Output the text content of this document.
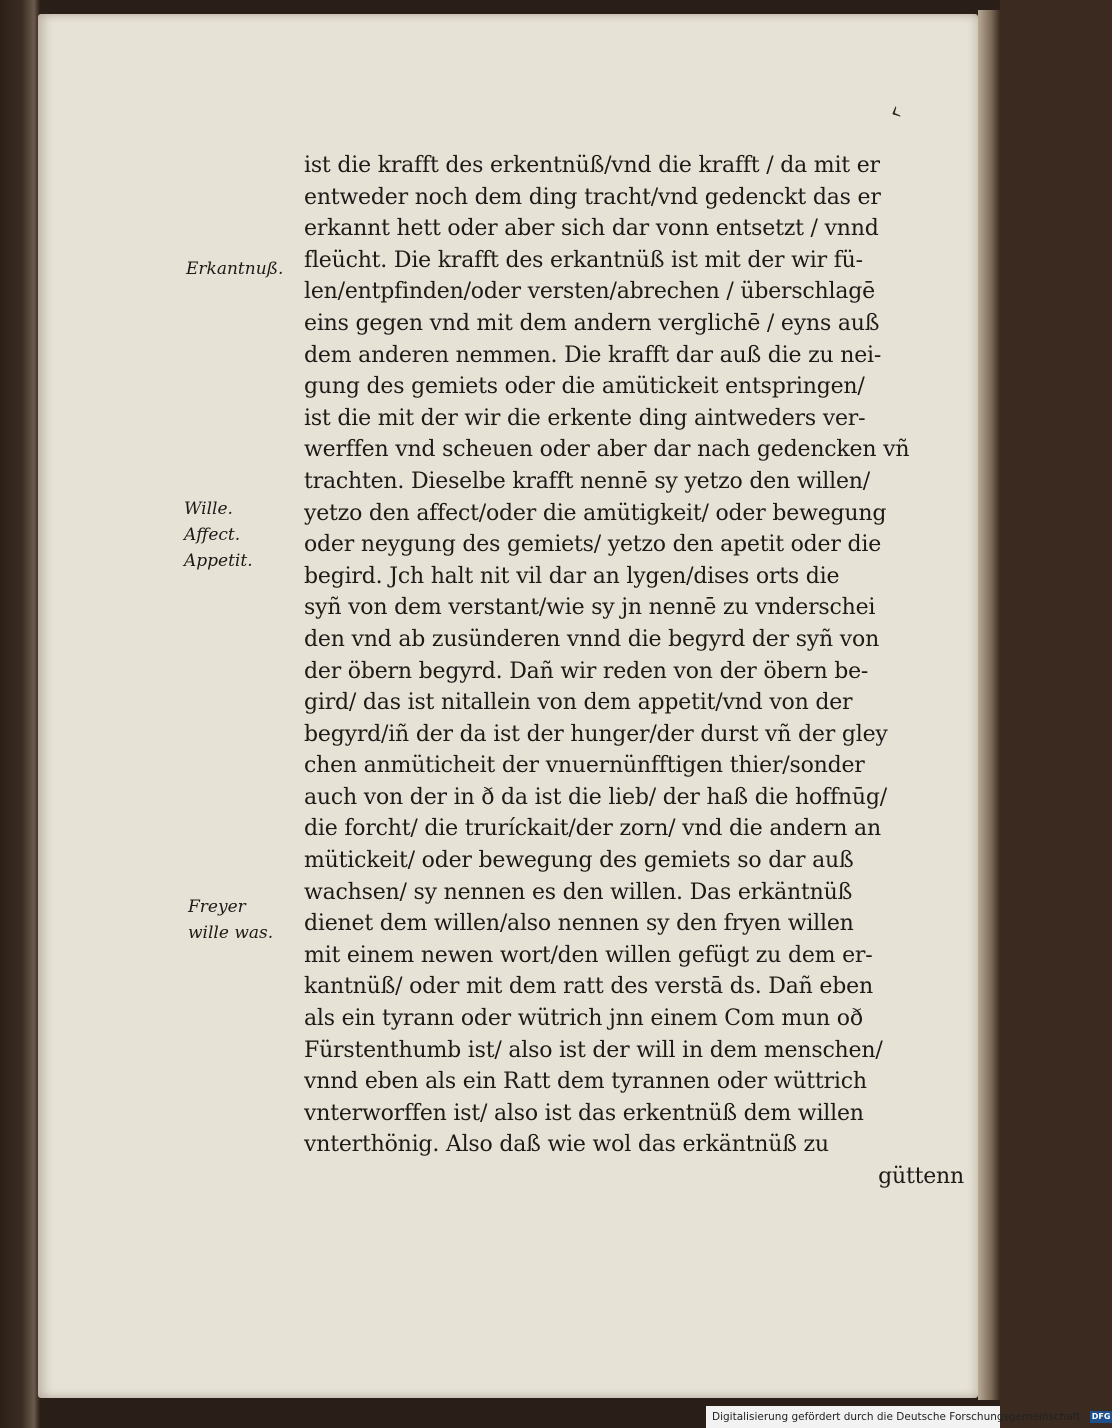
‹
Erkantnuß.
Wille.
Affect.
Appetit.
Freyer
wille was.
ist die krafft des erkentnüß/vnd die krafft / da mit er
entweder noch dem ding tracht/vnd gedenckt das er
erkannt hett oder aber sich dar vonn entsetzt / vnnd
fleücht. Die krafft des erkantnüß ist mit der wir fü-
len/entpfinden/oder versten/abrechen / überschlagē
eins gegen vnd mit dem andern verglichē / eyns auß
dem anderen nemmen. Die krafft dar auß die zu nei-
gung des gemiets oder die amütickeit entspringen/
ist die mit der wir die erkente ding aintweders ver-
werffen vnd scheuen oder aber dar nach gedencken vñ
trachten. Dieselbe krafft nennē sy yetzo den willen/
yetzo den affect/oder die amütigkeit/ oder bewegung
oder neygung des gemiets/ yetzo den apetit oder die
begird. Jch halt nit vil dar an lygen/dises orts die
syñ von dem verstant/wie sy jn nennē zu vnderschei
den vnd ab zusünderen vnnd die begyrd der syñ von
der öbern begyrd. Dañ wir reden von der öbern be-
gird/ das ist nitallein von dem appetit/vnd von der
begyrd/iñ der da ist der hunger/der durst vñ der gley
chen anmüticheit der vnuernünfftigen thier/sonder
auch von der in ð da ist die lieb/ der haß die hoffnūg/
die forcht/ die truríckait/der zorn/ vnd die andern an
mütickeit/ oder bewegung des gemiets so dar auß
wachsen/ sy nennen es den willen. Das erkäntnüß
dienet dem willen/also nennen sy den fryen willen
mit einem newen wort/den willen gefügt zu dem er-
kantnüß/ oder mit dem ratt des verstā ds. Dañ eben
als ein tyrann oder wütrich jnn einem Com mun oð
Fürstenthumb ist/ also ist der will in dem menschen/
vnnd eben als ein Ratt dem tyrannen oder wüttrich
vnterworffen ist/ also ist das erkentnüß dem willen
vnterthönig. Also daß wie wol das erkäntnüß zu
güttenn
Digitalisierung gefördert durch die Deutsche Forschungsgemeinschaft · DFG
